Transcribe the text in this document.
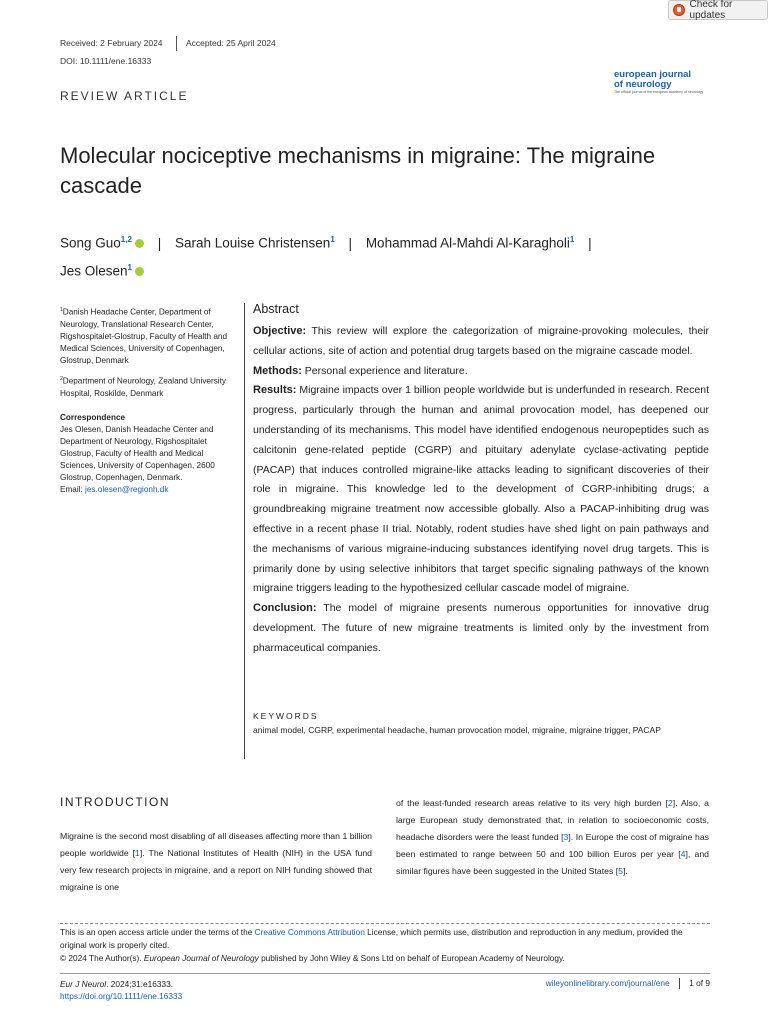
Check for updates
Received: 2 February 2024	Accepted: 25 April 2024
DOI: 10.1111/ene.16333
european journal
of neurology
The official journal of the european academy of neurology
REVIEW ARTICLE
Molecular nociceptive mechanisms in migraine: The migraine cascade
Song Guo$^{1,2}$ | Sarah Louise Christensen$^1$ | Mohammad Al-Mahdi Al-Karagholi$^1$ |
Jes Olesen$^1$
$^1$Danish Headache Center, Department of Neurology, Translational Research Center, Rigshospitalet-Glostrup, Faculty of Health and Medical Sciences, University of Copenhagen, Glostrup, Denmark
$^2$Department of Neurology, Zealand University Hospital, Roskilde, Denmark
Correspondence
Jes Olesen, Danish Headache Center and Department of Neurology, Rigshospitalet Glostrup, Faculty of Health and Medical Sciences, University of Copenhagen, 2600 Glostrup, Copenhagen, Denmark.
Email: jes.olesen@regionh.dk
Abstract

Objective: This review will explore the categorization of migraine-provoking molecules, their cellular actions, site of action and potential drug targets based on the migraine cascade model.

Methods: Personal experience and literature.

Results: Migraine impacts over 1 billion people worldwide but is underfunded in research. Recent progress, particularly through the human and animal provocation model, has deepened our understanding of its mechanisms. This model have identified endogenous neuropeptides such as calcitonin gene-related peptide (CGRP) and pituitary adenylate cyclase-activating peptide (PACAP) that induces controlled migraine-like attacks leading to significant discoveries of their role in migraine. This knowledge led to the development of CGRP-inhibiting drugs; a groundbreaking migraine treatment now accessible globally. Also a PACAP-inhibiting drug was effective in a recent phase II trial. Notably, rodent studies have shed light on pain pathways and the mechanisms of various migraine-inducing substances identifying novel drug targets. This is primarily done by using selective inhibitors that target specific signaling pathways of the known migraine triggers leading to the hypothesized cellular cascade model of migraine.

Conclusion: The model of migraine presents numerous opportunities for innovative drug development. The future of new migraine treatments is limited only by the investment from pharmaceutical companies.

KEYWORDS
animal model, CGRP, experimental headache, human provocation model, migraine, migraine trigger, PACAP
INTRODUCTION
Migraine is the second most disabling of all diseases affecting more than 1 billion people worldwide [1]. The National Institutes of Health (NIH) in the USA fund very few research projects in migraine, and a report on NIH funding showed that migraine is one
of the least-funded research areas relative to its very high burden [2]. Also, a large European study demonstrated that, in relation to socioeconomic costs, headache disorders were the least funded [3]. In Europe the cost of migraine has been estimated to range between 50 and 100 billion Euros per year [4], and similar figures have been suggested in the United States [5].
This is an open access article under the terms of the Creative Commons Attribution License, which permits use, distribution and reproduction in any medium, provided the original work is properly cited.
© 2024 The Author(s). European Journal of Neurology published by John Wiley & Sons Ltd on behalf of European Academy of Neurology.
Eur J Neurol. 2024;31:e16333.
https://doi.org/10.1111/ene.16333
wileyonlinelibrary.com/journal/ene 1 of 9
